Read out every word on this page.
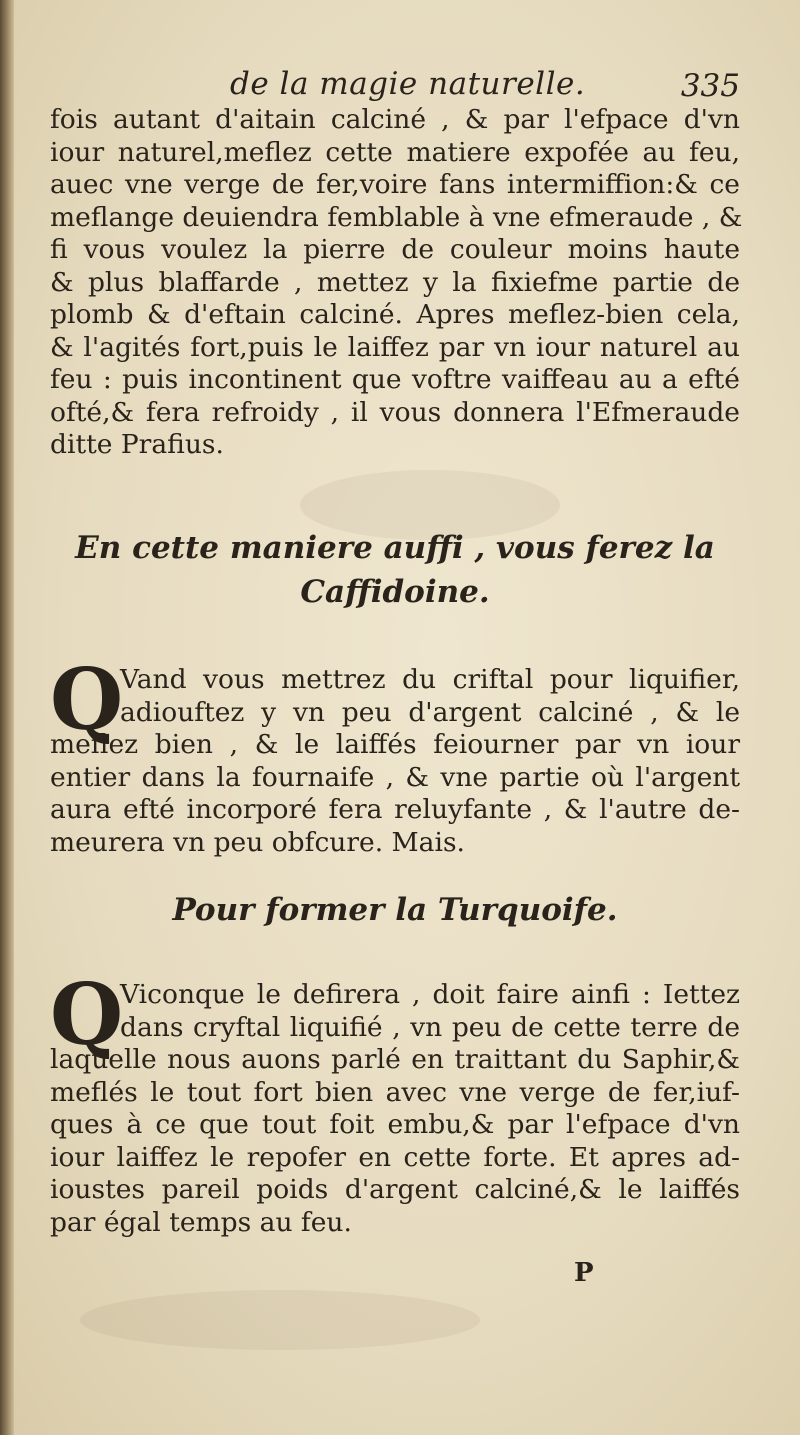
de la magie naturelle.	335
fois autant d'aitain calciné , & par l'efpace d'vn
iour naturel,meflez cette matiere expofée au feu,
auec vne verge de fer,voire fans intermiffion:& ce
meflange deuiendra femblable à vne efmeraude , &
fi vous voulez la pierre de couleur moins haute
& plus blaffarde , mettez y la fixiefme partie de
plomb & d'eftain calciné. Apres meflez-bien cela,
& l'agités fort,puis le laiffez par vn iour naturel au
feu : puis incontinent que voftre vaiffeau au a efté
ofté,& fera refroidy , il vous donnera l'Efmeraude
ditte Prafius.
En cette maniere auffi , vous ferez la
Caffidoine.
Q
Vand vous mettrez du criftal pour liquifier,
adiouftez y vn peu d'argent calciné , & le
meflez bien , & le laiffés feiourner par vn iour
entier dans la fournaife , & vne partie où l'argent
aura efté incorporé fera reluyfante , & l'autre de-
meurera vn peu obfcure. Mais.
Pour former la Turquoife.
Q
Viconque le defirera , doit faire ainfi : Iettez
dans cryftal liquifié , vn peu de cette terre de
laquelle nous auons parlé en traittant du Saphir,&
meflés le tout fort bien avec vne verge de fer,iuf-
ques à ce que tout foit embu,& par l'efpace d'vn
iour laiffez le repofer en cette forte. Et apres ad-
ioustes pareil poids d'argent calciné,& le laiffés
par égal temps au feu.
P
